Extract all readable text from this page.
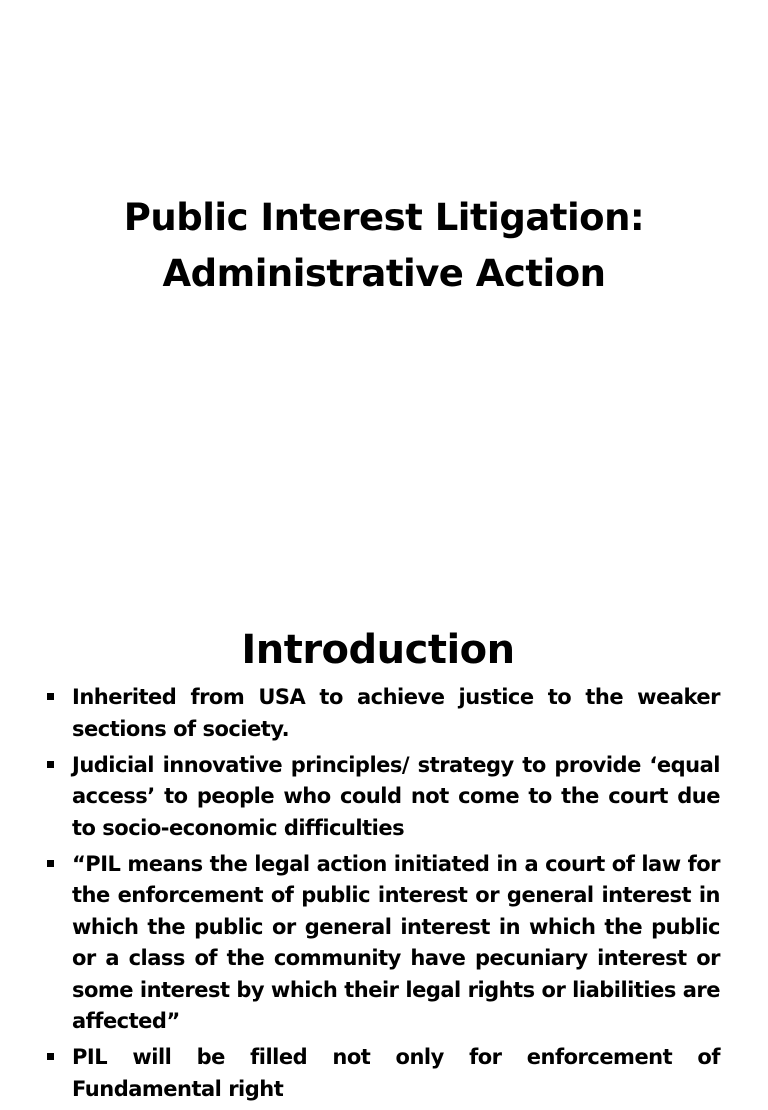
Public Interest Litigation:
Administrative Action
Introduction
Inherited from USA to achieve justice to the weaker sections of society.
Judicial innovative principles/ strategy to provide ‘equal access’ to people who could not come to the court due to socio-economic difficulties
“PIL means the legal action initiated in a court of law for the enforcement of public interest or general interest in which the public or general interest in which the public or a class of the community have pecuniary interest or some interest by which their legal rights or liabilities are affected”
PIL will be filled not only for enforcement of Fundamental right
